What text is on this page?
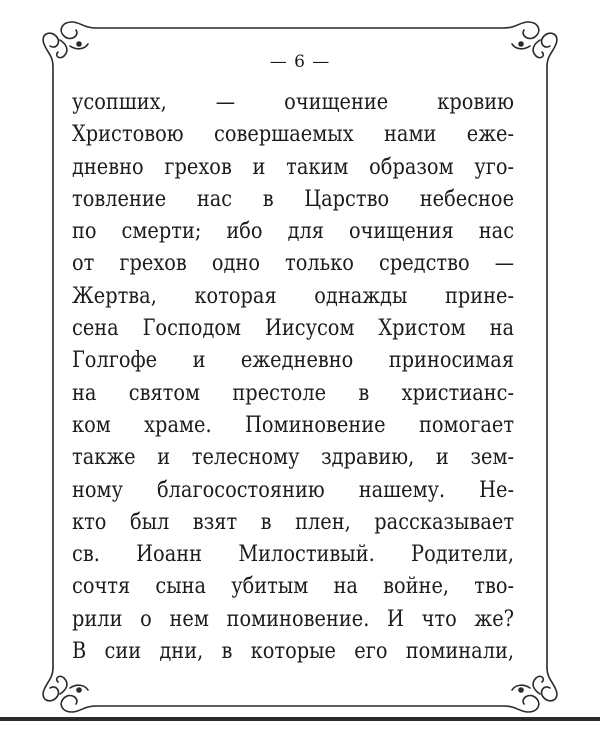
— 6 —
усопших, — очищение кровию
Христовою совершаемых нами еже-
дневно грехов и таким образом уго-
товление нас в Царство небесное
по смерти; ибо для очищения нас
от грехов одно только средство —
Жертва, которая однажды прине-
сена Господом Иисусом Христом на
Голгофе и ежедневно приносимая
на святом престоле в христианс-
ком храме. Поминовение помогает
также и телесному здравию, и зем-
ному благосостоянию нашему. Не-
кто был взят в плен, рассказывает
св. Иоанн Милостивый. Родители,
сочтя сына убитым на войне, тво-
рили о нем поминовение. И что же?
В сии дни, в которые его поминали,
